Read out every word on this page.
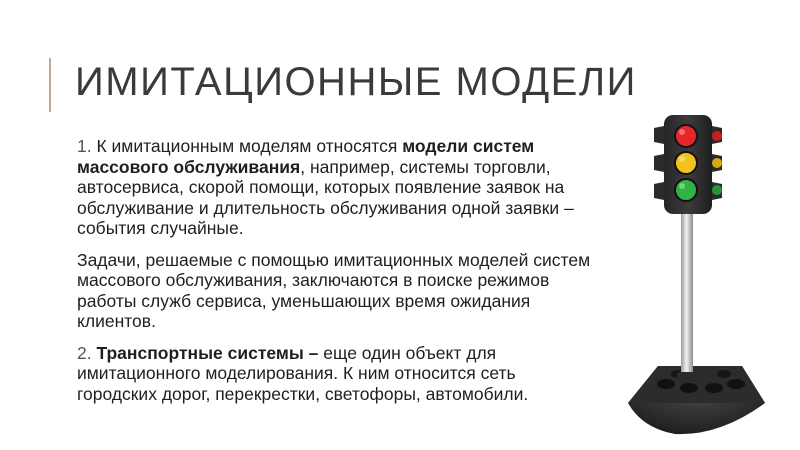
ИМИТАЦИОННЫЕ МОДЕЛИ

1. К имитационным моделям относятся модели систем массового обслуживания, например, системы торговли, автосервиса, скорой помощи, которых появление заявок на обслуживание и длительность обслуживания одной заявки – события случайные.

Задачи, решаемые с помощью имитационных моделей систем массового обслуживания, заключаются в поиске режимов работы служб сервиса, уменьшающих время ожидания клиентов.

2. Транспортные системы – еще один объект для имитационного моделирования. К ним относится сеть городских дорог, перекрестки, светофоры, автомобили.
